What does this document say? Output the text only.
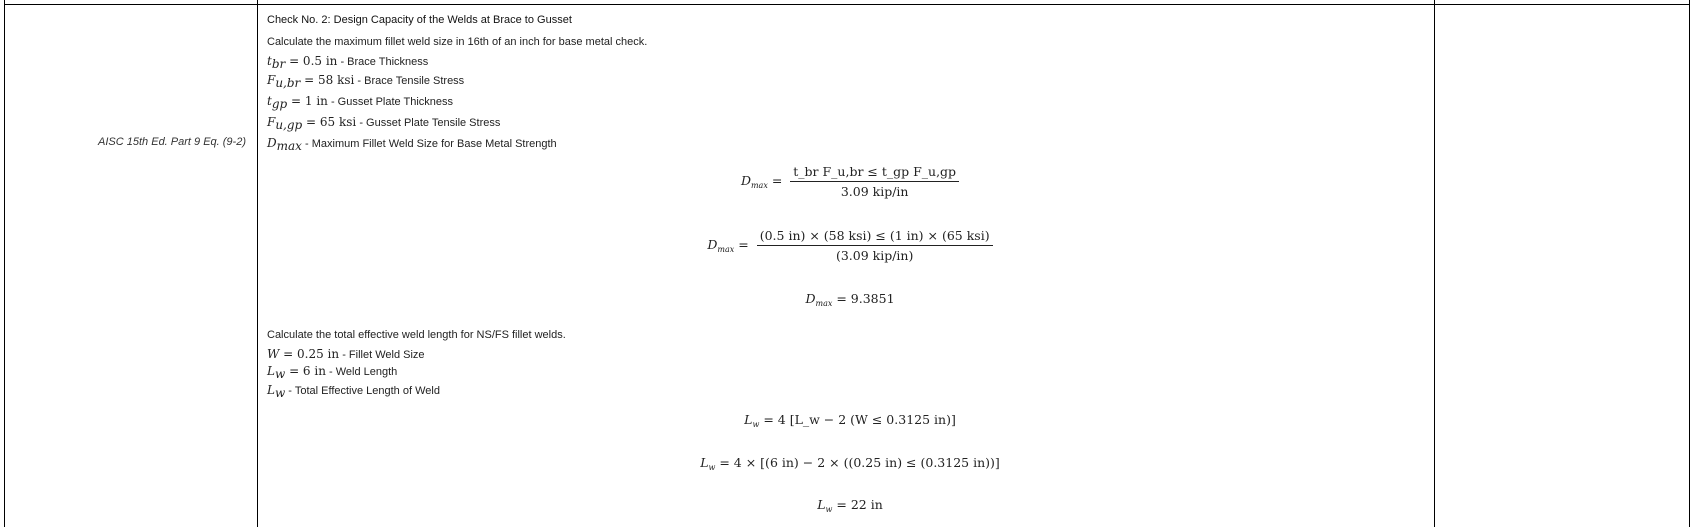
AISC 15th Ed. Part 9 Eq. (9-2)
Check No. 2: Design Capacity of the Welds at Brace to Gusset
Calculate the maximum fillet weld size in 16th of an inch for base metal check.
$t_{br} = 0.5$ in - Brace Thickness
$F_{u,br} = 58$ ksi - Brace Tensile Stress
$t_{gp} = 1$ in - Gusset Plate Thickness
$F_{u,gp} = 65$ ksi - Gusset Plate Tensile Stress
$D_{max}$ - Maximum Fillet Weld Size for Base Metal Strength
$D_{max} = \frac{\text{t\_br F\_u,br ≤ t\_gp F\_u,gp}}{\text{3.09 kip/in}}$
$D_{max} = \frac{\text{(0.5 in) × (58 ksi) ≤ (1 in) × (65 ksi)}}{\text{(3.09 kip/in)}}$
$D_{max} = 9.3851$
Calculate the total effective weld length for NS/FS fillet welds.
W = 0.25 in - Fillet Weld Size
$L_w = 6$ in - Weld Length
$L_w$ - Total Effective Length of Weld
$L_w = 4$ [L_w − 2 (W ≤ 0.3125 in)]
$L_w = 4 \times [(6$ in) − 2 × ((0.25 in) ≤ (0.3125 in))]
$L_w = 22$ in
